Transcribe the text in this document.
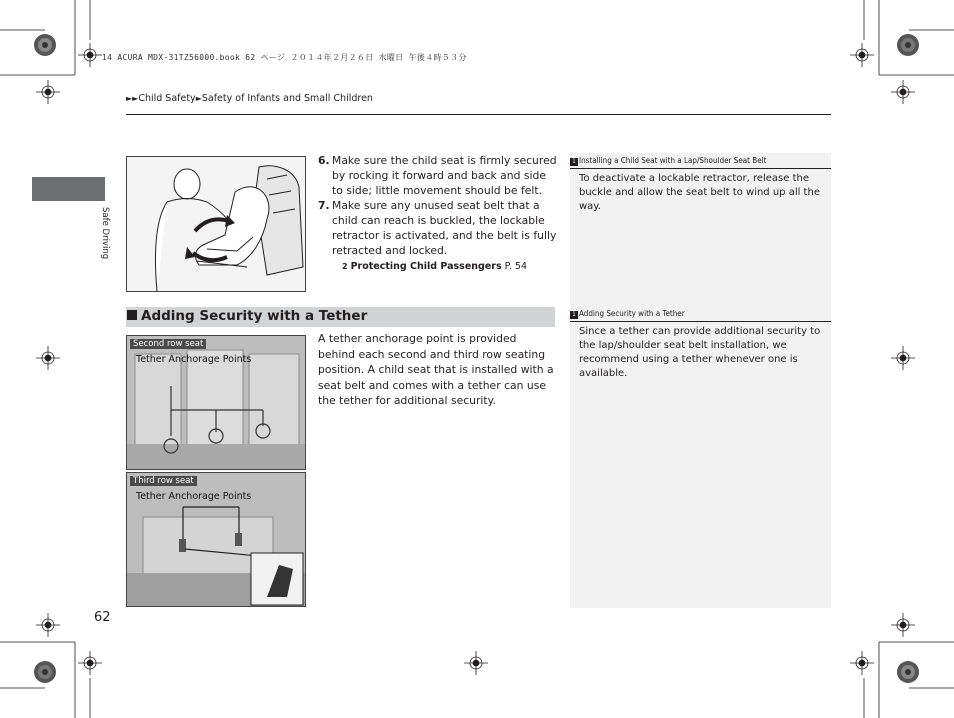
14 ACURA MDX-31TZ56000.book 62 ページ ２０１４年２月２６日 水曜日 午後４時５３分
►►Child Safety►Safety of Infants and Small Children
Safe Driving
1 Installing a Child Seat with a Lap/Shoulder Seat Belt
To deactivate a lockable retractor, release the buckle and allow the seat belt to wind up all the way.
1 Adding Security with a Tether
Since a tether can provide additional security to the lap/shoulder seat belt installation, we recommend using a tether whenever one is available.
6. Make sure the child seat is firmly secured by rocking it forward and back and side to side; little movement should be felt.
7. Make sure any unused seat belt that a child can reach is buckled, the lockable retractor is activated, and the belt is fully retracted and locked.
2 Protecting Child Passengers P. 54
Adding Security with a Tether
A tether anchorage point is provided behind each second and third row seating position. A child seat that is installed with a seat belt and comes with a tether can use the tether for additional security.
Second row seat
Tether Anchorage Points
Third row seat
Tether Anchorage Points
62
